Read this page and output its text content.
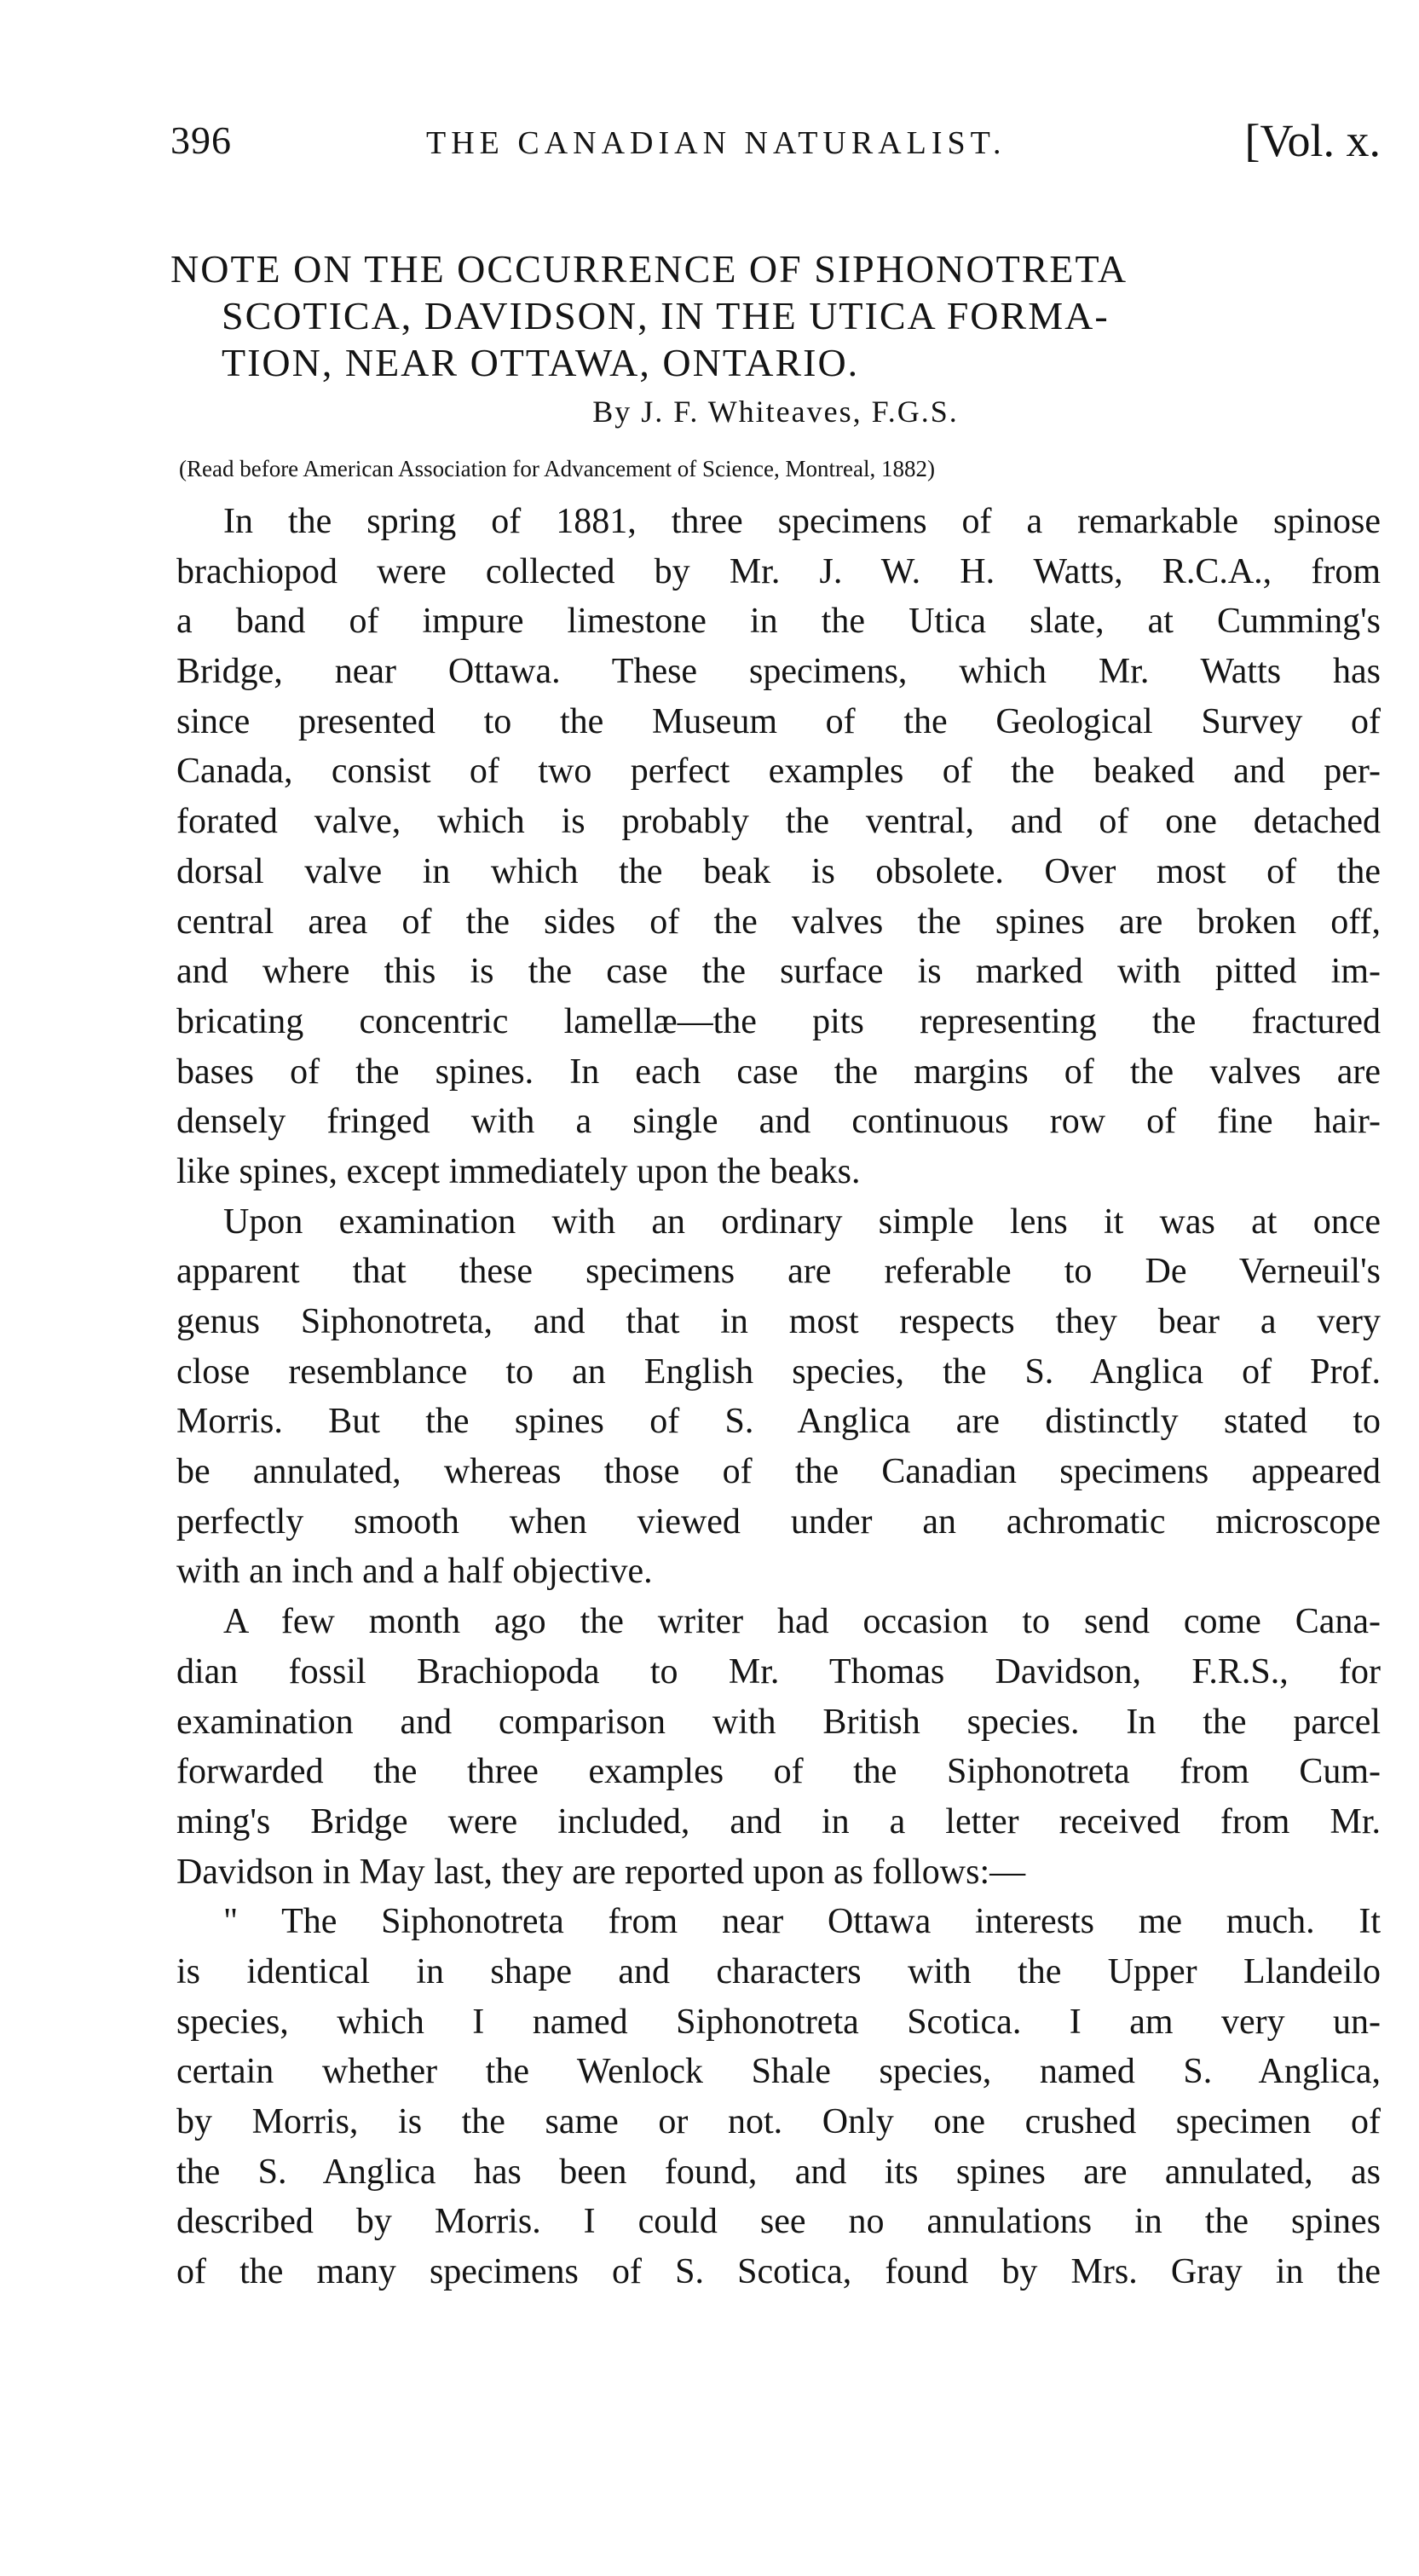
396	THE CANADIAN NATURALIST.	[Vol. x.
NOTE ON THE OCCURRENCE OF SIPHONOTRETA
SCOTICA, DAVIDSON, IN THE UTICA FORMA-
TION, NEAR OTTAWA, ONTARIO.
By J. F. Whiteaves, F.G.S.
(Read before American Association for Advancement of Science, Montreal, 1882)
In the spring of 1881, three specimens of a remarkable spinose
brachiopod were collected by Mr. J. W. H. Watts, R.C.A., from
a band of impure limestone in the Utica slate, at Cumming's
Bridge, near Ottawa. These specimens, which Mr. Watts has
since presented to the Museum of the Geological Survey of
Canada, consist of two perfect examples of the beaked and per-
forated valve, which is probably the ventral, and of one detached
dorsal valve in which the beak is obsolete. Over most of the
central area of the sides of the valves the spines are broken off,
and where this is the case the surface is marked with pitted im-
bricating concentric lamellæ—the pits representing the fractured
bases of the spines. In each case the margins of the valves are
densely fringed with a single and continuous row of fine hair-
like spines, except immediately upon the beaks.
Upon examination with an ordinary simple lens it was at once
apparent that these specimens are referable to De Verneuil's
genus Siphonotreta, and that in most respects they bear a very
close resemblance to an English species, the S. Anglica of Prof.
Morris. But the spines of S. Anglica are distinctly stated to
be annulated, whereas those of the Canadian specimens appeared
perfectly smooth when viewed under an achromatic microscope
with an inch and a half objective.
A few month ago the writer had occasion to send come Cana-
dian fossil Brachiopoda to Mr. Thomas Davidson, F.R.S., for
examination and comparison with British species. In the parcel
forwarded the three examples of the Siphonotreta from Cum-
ming's Bridge were included, and in a letter received from Mr.
Davidson in May last, they are reported upon as follows:—
" The Siphonotreta from near Ottawa interests me much. It
is identical in shape and characters with the Upper Llandeilo
species, which I named Siphonotreta Scotica. I am very un-
certain whether the Wenlock Shale species, named S. Anglica,
by Morris, is the same or not. Only one crushed specimen of
the S. Anglica has been found, and its spines are annulated, as
described by Morris. I could see no annulations in the spines
of the many specimens of S. Scotica, found by Mrs. Gray in the
